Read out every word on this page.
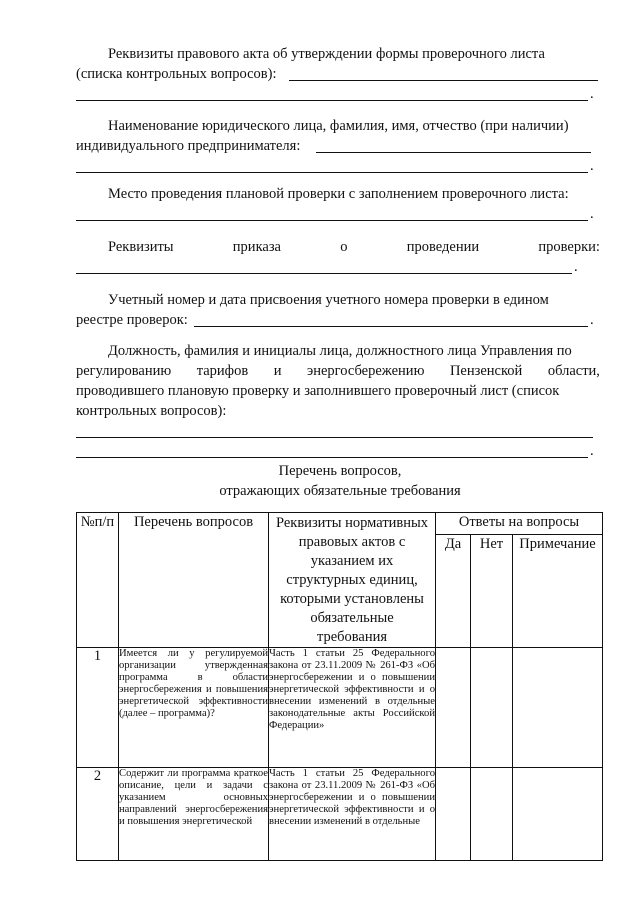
Реквизиты правового акта об утверждении формы проверочного листа
(списка контрольных вопросов):
.
Наименование юридического лица, фамилия, имя, отчество (при наличии)
индивидуального предпринимателя:
.
Место проведения плановой проверки с заполнением проверочного листа:
.
Реквизиты	приказа	о	проведении	проверки:
.
Учетный номер и дата присвоения учетного номера проверки в едином
реестре проверок:	.
Должность, фамилия и инициалы лица, должностного лица Управления по
регулированию тарифов и энергосбережению Пензенской области,
проводившего плановую проверку и заполнившего проверочный лист (список
контрольных вопросов):
.
Перечень вопросов,
отражающих обязательные требования
№п/п	Перечень вопросов	Реквизиты нормативных правовых актов с указанием их структурных единиц, которыми установлены обязательные требования	Ответы на вопросы		
			Да	Нет	Примечание
1	Имеется ли у регулируемой организации утвержденная программа в области энергосбережения и повышения энергетической эффективности (далее – программа)?	Часть 1 статьи 25 Федерального закона от 23.11.2009 № 261-ФЗ «Об энергосбережении и о повышении энергетической эффективности и о внесении изменений в отдельные законодательные акты Российской Федерации»			
2	Содержит ли программа краткое описание, цели и задачи с указанием основных направлений энергосбережения и повышения энергетической	Часть 1 статьи 25 Федерального закона от 23.11.2009 № 261-ФЗ «Об энергосбережении и о повышении энергетической эффективности и о внесении изменений в отдельные			
